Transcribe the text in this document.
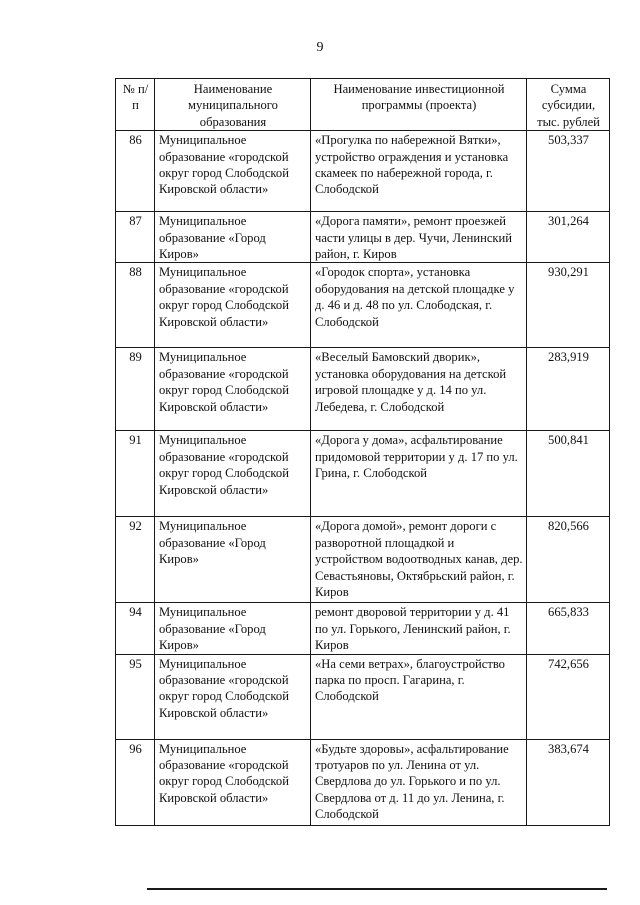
9
№ п/п	Наименование муниципального образования	Наименование инвестиционной программы (проекта)	Сумма субсидии, тыс. рублей
86	Муниципальное образование «городской округ город Слободской Кировской области»	«Прогулка по набережной Вятки», устройство ограждения и установка скамеек по набережной города, г. Слободской	503,337
87	Муниципальное образование «Город Киров»	«Дорога памяти», ремонт проезжей части улицы в дер. Чучи, Ленинский район, г. Киров	301,264
88	Муниципальное образование «городской округ город Слободской Кировской области»	«Городок спорта», установка оборудования на детской площадке у д. 46 и д. 48 по ул. Слободская, г. Слободской	930,291
89	Муниципальное образование «городской округ город Слободской Кировской области»	«Веселый Бамовский дворик», установка оборудования на детской игровой площадке у д. 14 по ул. Лебедева, г. Слободской	283,919
91	Муниципальное образование «городской округ город Слободской Кировской области»	«Дорога у дома», асфальтирование придомовой территории у д. 17 по ул. Грина, г. Слободской	500,841
92	Муниципальное образование «Город Киров»	«Дорога домой», ремонт дороги с разворотной площадкой и устройством водоотводных канав, дер. Севастьяновы, Октябрьский район, г. Киров	820,566
94	Муниципальное образование «Город Киров»	ремонт дворовой территории у д. 41 по ул. Горького, Ленинский район, г. Киров	665,833
95	Муниципальное образование «городской округ город Слободской Кировской области»	«На семи ветрах», благоустройство парка по просп. Гагарина, г. Слободской	742,656
96	Муниципальное образование «городской округ город Слободской Кировской области»	«Будьте здоровы», асфальтирование тротуаров по ул. Ленина от ул. Свердлова до ул. Горького и по ул. Свердлова от д. 11 до ул. Ленина, г. Слободской	383,674
